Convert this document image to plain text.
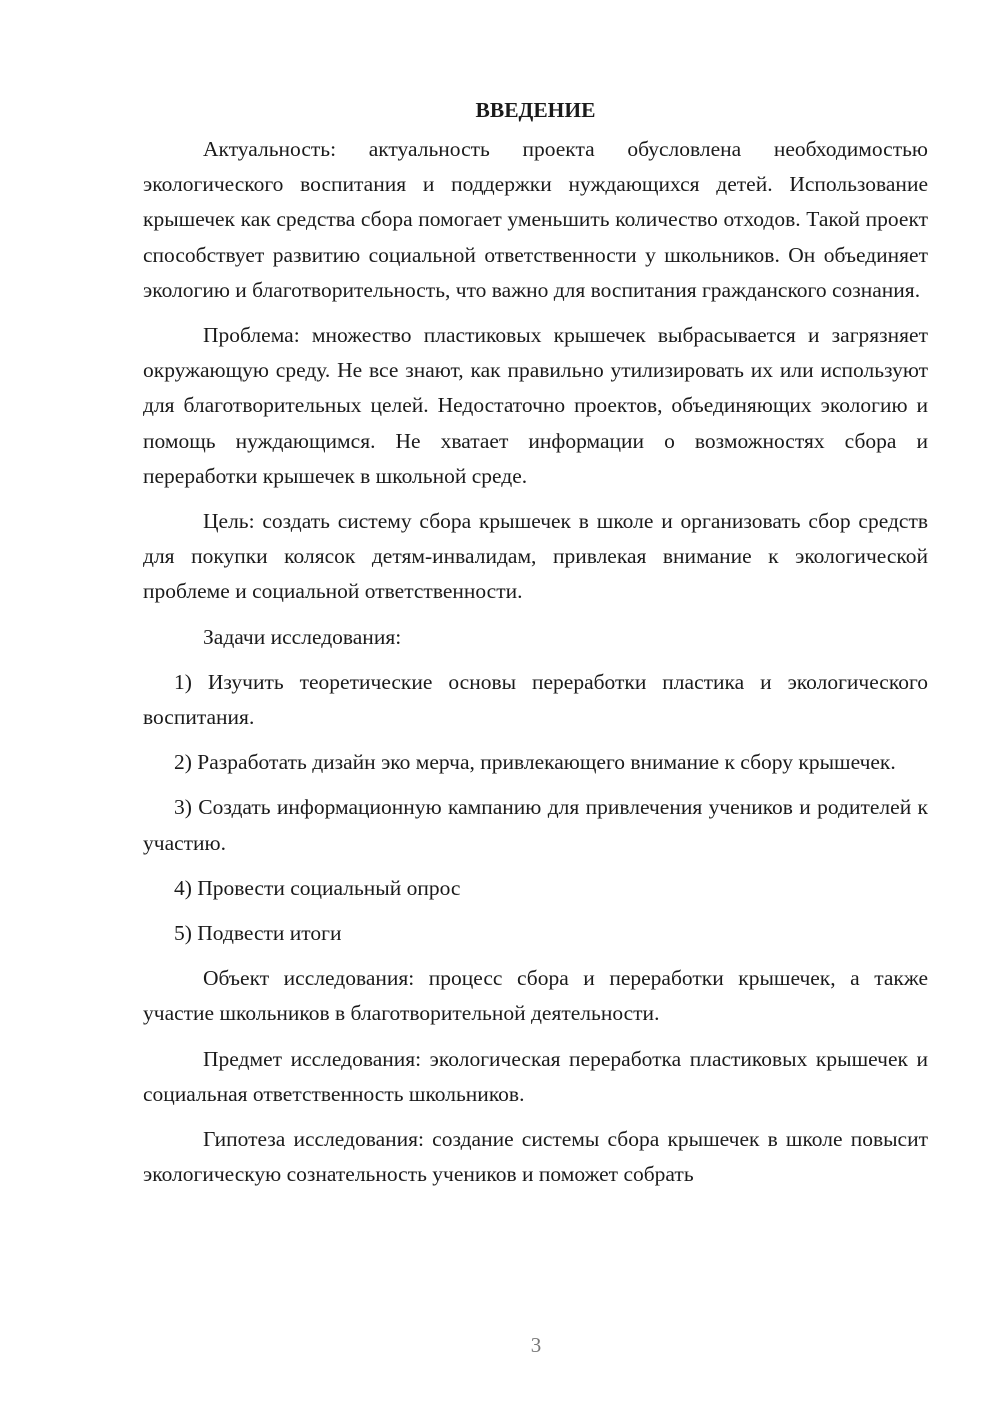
ВВЕДЕНИЕ

Актуальность: актуальность проекта обусловлена необходимостью экологического воспитания и поддержки нуждающихся детей. Использование крышечек как средства сбора помогает уменьшить количество отходов. Такой проект способствует развитию социальной ответственности у школьников. Он объединяет экологию и благотворительность, что важно для воспитания гражданского сознания.

Проблема: множество пластиковых крышечек выбрасывается и загрязняет окружающую среду. Не все знают, как правильно утилизировать их или используют для благотворительных целей. Недостаточно проектов, объединяющих экологию и помощь нуждающимся. Не хватает информации о возможностях сбора и переработки крышечек в школьной среде.

Цель: создать систему сбора крышечек в школе и организовать сбор средств для покупки колясок детям-инвалидам, привлекая внимание к экологической проблеме и социальной ответственности.

Задачи исследования:

1) Изучить теоретические основы переработки пластика и экологического воспитания.

2) Разработать дизайн эко мерча, привлекающего внимание к сбору крышечек.

3) Создать информационную кампанию для привлечения учеников и родителей к участию.

4) Провести социальный опрос

5) Подвести итоги

Объект исследования: процесс сбора и переработки крышечек, а также участие школьников в благотворительной деятельности.

Предмет исследования: экологическая переработка пластиковых крышечек и социальная ответственность школьников.

Гипотеза исследования: создание системы сбора крышечек в школе повысит экологическую сознательность учеников и поможет собрать

3
